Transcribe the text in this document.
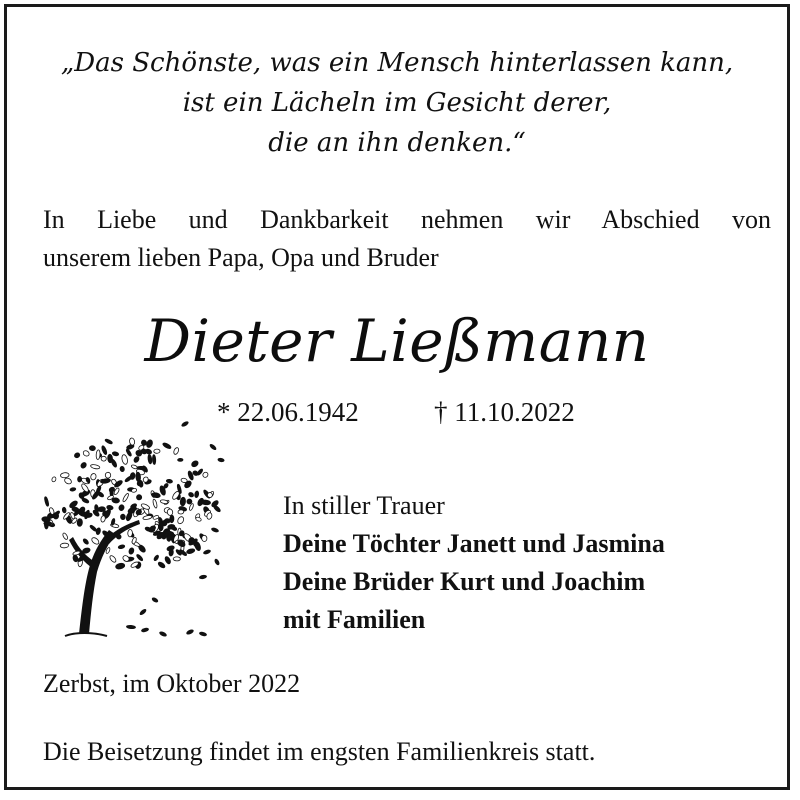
„Das Schönste, was ein Mensch hinterlassen kann,
ist ein Lächeln im Gesicht derer,
die an ihn denken.“
In Liebe und Dankbarkeit nehmen wir Abschied von
unserem lieben Papa, Opa und Bruder
Dieter Ließmann
* 22.06.1942	† 11.10.2022
In stiller Trauer
Deine Töchter Janett und Jasmina
Deine Brüder Kurt und Joachim
mit Familien
Zerbst, im Oktober 2022
Die Beisetzung findet im engsten Familienkreis statt.
